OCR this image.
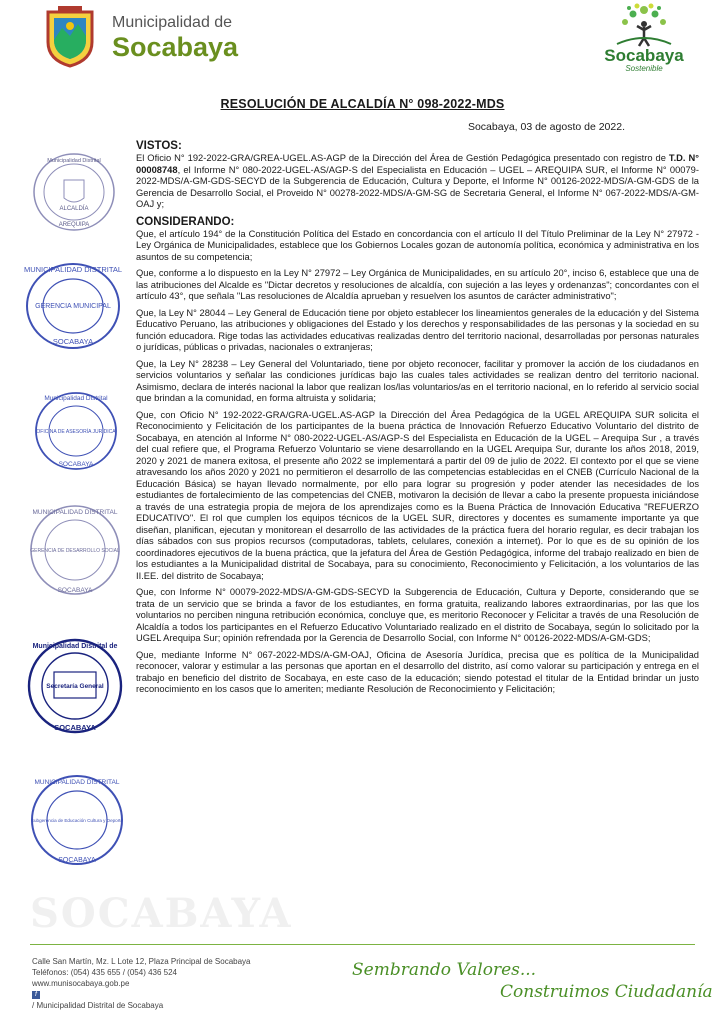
Municipalidad de
Socabaya	Socabaya
Sostenible
RESOLUCIÓN DE ALCALDÍA N° 098-2022-MDS
Socabaya, 03 de agosto de 2022.
ALCALDÍA
AREQUIPA
Municipalidad Distrital
MUNICIPALIDAD DISTRITAL
GERENCIA MUNICIPAL
SOCABAYA
Municipalidad Distrital
OFICINA DE ASESORÍA JURÍDICA
SOCABAYA
MUNICIPALIDAD DISTRITAL
GERENCIA DE DESARROLLO SOCIAL
SOCABAYA
Municipalidad Distrital de
Secretaría General
SOCABAYA
MUNICIPALIDAD DISTRITAL
Subgerencia de Educación Cultura y Deporte
SOCABAYA
SOCABAYA

VISTOS:

El Oficio N° 192-2022-GRA/GREA-UGEL.AS-AGP de la Dirección del Área de Gestión Pedagógica presentado con registro de T.D. N° 00008748, el Informe N° 080-2022-UGEL-AS/AGP-S del Especialista en Educación – UGEL – AREQUIPA SUR, el Informe N° 00079-2022-MDS/A-GM-GDS-SECYD de la Subgerencia de Educación, Cultura y Deporte, el Informe N° 00126-2022-MDS/A-GM-GDS de la Gerencia de Desarrollo Social, el Proveido N° 00278-2022-MDS/A-GM-SG de Secretaria General, el Informe N° 067-2022-MDS/A-GM-OAJ y;

CONSIDERANDO:

Que, el artículo 194° de la Constitución Política del Estado en concordancia con el artículo II del Título Preliminar de la Ley N° 27972 - Ley Orgánica de Municipalidades, establece que los Gobiernos Locales gozan de autonomía política, económica y administrativa en los asuntos de su competencia;

Que, conforme a lo dispuesto en la Ley N° 27972 – Ley Orgánica de Municipalidades, en su artículo 20°, inciso 6, establece que una de las atribuciones del Alcalde es "Dictar decretos y resoluciones de alcaldía, con sujeción a las leyes y ordenanzas"; concordantes con el artículo 43°, que señala "Las resoluciones de Alcaldía aprueban y resuelven los asuntos de carácter administrativo";

Que, la Ley N° 28044 – Ley General de Educación tiene por objeto establecer los lineamientos generales de la educación y del Sistema Educativo Peruano, las atribuciones y obligaciones del Estado y los derechos y responsabilidades de las personas y la sociedad en su función educadora. Rige todas las actividades educativas realizadas dentro del territorio nacional, desarrolladas por personas naturales o jurídicas, públicas o privadas, nacionales o extranjeras;

Que, la Ley N° 28238 – Ley General del Voluntariado, tiene por objeto reconocer, facilitar y promover la acción de los ciudadanos en servicios voluntarios y señalar las condiciones jurídicas bajo las cuales tales actividades se realizan dentro del territorio nacional. Asimismo, declara de interés nacional la labor que realizan los/las voluntarios/as en el territorio nacional, en lo referido al servicio social que brindan a la comunidad, en forma altruista y solidaria;

Que, con Oficio N° 192-2022-GRA/GRA-UGEL.AS-AGP la Dirección del Área Pedagógica de la UGEL AREQUIPA SUR solicita el Reconocimiento y Felicitación de los participantes de la buena práctica de Innovación Refuerzo Educativo Voluntario del distrito de Socabaya, en atención al Informe N° 080-2022-UGEL-AS/AGP-S del Especialista en Educación de la UGEL – Arequipa Sur , a través del cual refiere que, el Programa Refuerzo Voluntario se viene desarrollando en la UGEL Arequipa Sur, durante los años 2018, 2019, 2020 y 2021 de manera exitosa, el presente año 2022 se implementará a partir del 09 de julio de 2022. El contexto por el que se viene atravesando los años 2020 y 2021 no permitieron el desarrollo de las competencias establecidas en el CNEB (Currículo Nacional de la Educación Básica) se hayan llevado normalmente, por ello para lograr su progresión y poder atender las necesidades de los estudiantes de fortalecimiento de las competencias del CNEB, motivaron la decisión de llevar a cabo la presente propuesta iniciándose a través de una estrategia propia de mejora de los aprendizajes como es la Buena Práctica de Innovación Educativa "REFUERZO EDUCATIVO". El rol que cumplen los equipos técnicos de la UGEL SUR, directores y docentes es sumamente importante ya que diseñan, planifican, ejecutan y monitorean el desarrollo de las actividades de la práctica fuera del horario regular, es decir trabajan los días sábados con sus propios recursos (computadoras, tablets, celulares, conexión a internet). Por lo que es de su opinión de los coordinadores ejecutivos de la buena práctica, que la jefatura del Área de Gestión Pedagógica, informe del trabajo realizado en bien de los estudiantes a la Municipalidad distrital de Socabaya, para su conocimiento, Reconocimiento y Felicitación, a los voluntarios de las II.EE. del distrito de Socabaya;

Que, con Informe N° 00079-2022-MDS/A-GM-GDS-SECYD la Subgerencia de Educación, Cultura y Deporte, considerando que se trata de un servicio que se brinda a favor de los estudiantes, en forma gratuita, realizando labores extraordinarias, por las que los voluntarios no perciben ninguna retribución económica, concluye que, es meritorio Reconocer y Felicitar a través de una Resolución de Alcaldía a todos los participantes en el Refuerzo Educativo Voluntariado realizado en el distrito de Socabaya, según lo solicitado por la UGEL Arequipa Sur; opinión refrendada por la Gerencia de Desarrollo Social, con Informe N° 00126-2022-MDS/A-GM-GDS;

Que, mediante Informe N° 067-2022-MDS/A-GM-OAJ, Oficina de Asesoría Jurídica, precisa que es política de la Municipalidad reconocer, valorar y estimular a las personas que aportan en el desarrollo del distrito, así como valorar su participación y entrega en el trabajo en beneficio del distrito de Socabaya, en este caso de la educación; siendo potestad el titular de la Entidad brindar un justo reconocimiento en los casos que lo ameriten; mediante Resolución de Reconocimiento y Felicitación;

Calle San Martín, Mz. L Lote 12, Plaza Principal de Socabaya
Teléfonos: (054) 435 655 / (054) 436 524
www.munisocabaya.gob.pe
f
/ Municipalidad Distrital de Socabaya
Sembrando Valores...
Construimos Ciudadanía
